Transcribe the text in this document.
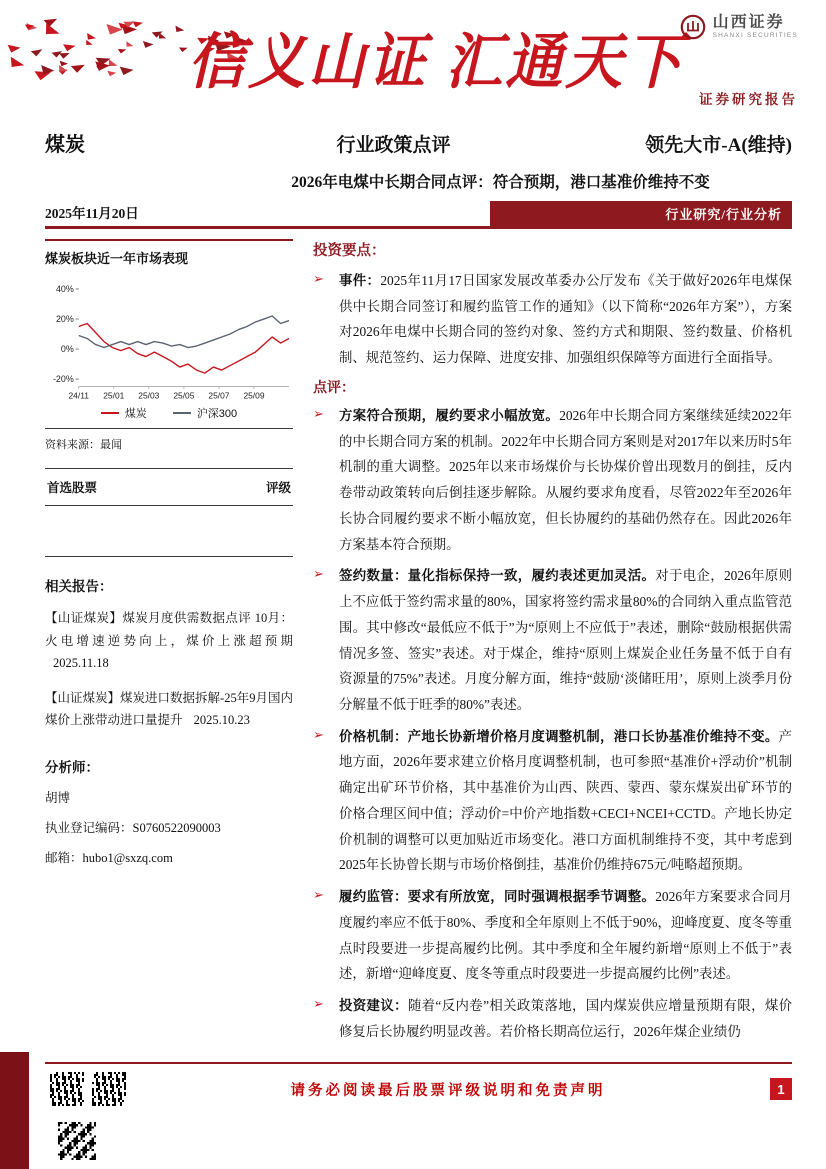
信义山证 汇通天下
山西证券
SHANXI SECURITIES
证券研究报告
煤炭	行业政策点评	领先大市-A(维持)
2026年电煤中长期合同点评：符合预期，港口基准价维持不变
2025年11月20日	行业研究/行业分析
煤炭板块近一年市场表现
40%
20%
0%
-20%
24/11 25/01 25/03 25/05 25/07 25/09
煤炭	沪深300
资料来源：最闻
首选股票	评级
相关报告：
【山证煤炭】煤炭月度供需数据点评 10月：火电增速逆势向上，煤价上涨超预期 2025.11.18
【山证煤炭】煤炭进口数据拆解-25年9月国内煤价上涨带动进口量提升 2025.10.23
分析师：
胡博
执业登记编码：S0760522090003
邮箱：hubo1@sxzq.com
投资要点：
➢	事件：2025年11月17日国家发展改革委办公厅发布《关于做好2026年电煤保供中长期合同签订和履约监管工作的通知》（以下简称“2026年方案”），方案对2026年电煤中长期合同的签约对象、签约方式和期限、签约数量、价格机制、规范签约、运力保障、进度安排、加强组织保障等方面进行全面指导。

点评：
➢	方案符合预期，履约要求小幅放宽。2026年中长期合同方案继续延续2022年的中长期合同方案的机制。2022年中长期合同方案则是对2017年以来历时5年机制的重大调整。2025年以来市场煤价与长协煤价曾出现数月的倒挂，反内卷带动政策转向后倒挂逐步解除。从履约要求角度看，尽管2022年至2026年长协合同履约要求不断小幅放宽，但长协履约的基础仍然存在。因此2026年方案基本符合预期。

➢	签约数量：量化指标保持一致，履约表述更加灵活。对于电企，2026年原则上不应低于签约需求量的80%，国家将签约需求量80%的合同纳入重点监管范围。其中修改“最低应不低于”为“原则上不应低于”表述，删除“鼓励根据供需情况多签、签实”表述。对于煤企，维持“原则上煤炭企业任务量不低于自有资源量的75%”表述。月度分解方面，维持“鼓励‘淡储旺用’，原则上淡季月份分解量不低于旺季的80%”表述。

➢	价格机制：产地长协新增价格月度调整机制，港口长协基准价维持不变。产地方面，2026年要求建立价格月度调整机制，也可参照“基准价+浮动价”机制确定出矿环节价格，其中基准价为山西、陕西、蒙西、蒙东煤炭出矿环节的价格合理区间中值；浮动价=中价产地指数+CECI+NCEI+CCTD。产地长协定价机制的调整可以更加贴近市场变化。港口方面机制维持不变，其中考虑到2025年长协曾长期与市场价格倒挂，基准价仍维持675元/吨略超预期。

➢	履约监管：要求有所放宽，同时强调根据季节调整。2026年方案要求合同月度履约率应不低于80%、季度和全年原则上不低于90%，迎峰度夏、度冬等重点时段要进一步提高履约比例。其中季度和全年履约新增“原则上不低于”表述，新增“迎峰度夏、度冬等重点时段要进一步提高履约比例”表述。

➢	投资建议：随着“反内卷”相关政策落地，国内煤炭供应增量预期有限，煤价修复后长协履约明显改善。若价格长期高位运行，2026年煤企业绩仍

请务必阅读最后股票评级说明和免责声明	1
